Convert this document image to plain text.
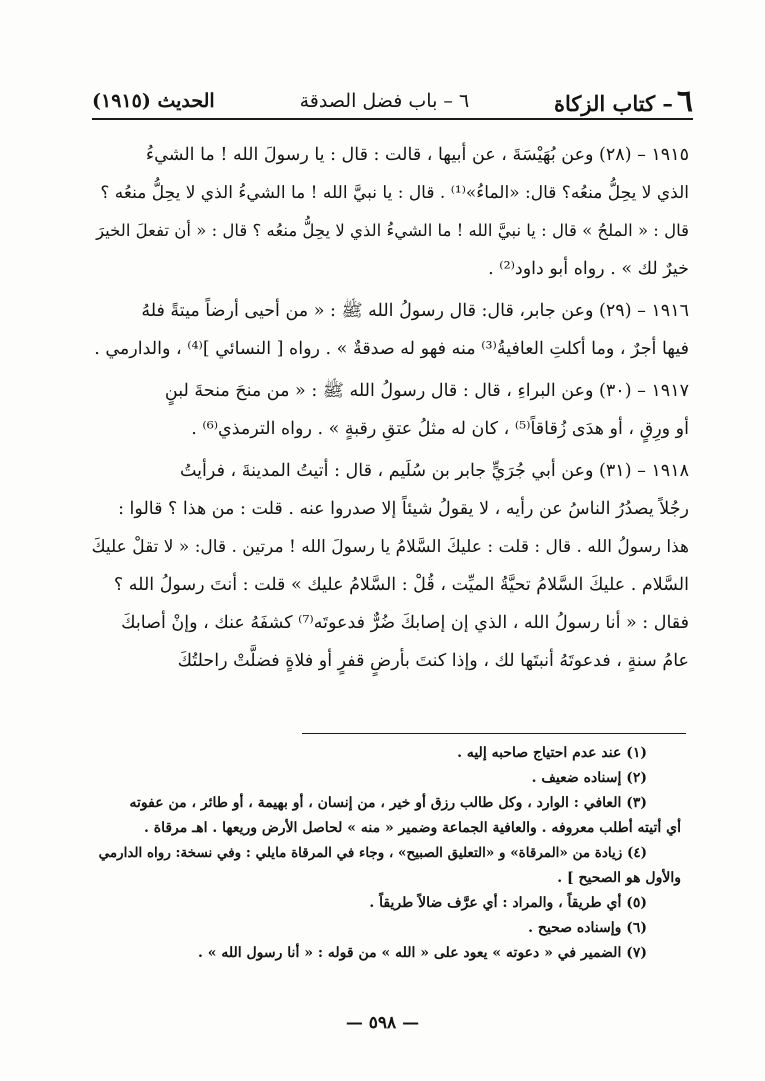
٦– كتاب الزكاة
٦ – باب فضل الصدقة
الحديث (١٩١٥)
١٩١٥ – (٢٨) وعن بُهَيْسَةَ ، عن أبيها ، قالت : قال : يا رسولَ الله ! ما الشيءُ
الذي لا يحِلُّ منعُه؟ قال: «الماءُ»⁽¹⁾ . قال : يا نبيَّ الله ! ما الشيءُ الذي لا يحِلُّ منعُه ؟
قال : « الملحُ » قال : يا نبيَّ الله ! ما الشيءُ الذي لا يحِلُّ منعُه ؟ قال : « أن تفعلَ الخيرَ
خيرٌ لك » . رواه أبو داود⁽²⁾ .
١٩١٦ – (٢٩) وعن جابر، قال: قال رسولُ الله ﷺ : « من أحيى أرضاً ميتةً فلهُ
فيها أجرٌ ، وما أكلتِ العافيةُ⁽³⁾ منه فهو له صدقةٌ » . رواه [ النسائي ]⁽⁴⁾ ، والدارمي .
١٩١٧ – (٣٠) وعن البراءِ ، قال : قال رسولُ الله ﷺ : « من منحَ منحةَ لبنٍ
أو ورِقٍ ، أو هدَى زُقاقاً⁽⁵⁾ ، كان له مثلُ عتقِ رقبةٍ » . رواه الترمذي⁽⁶⁾ .
١٩١٨ – (٣١) وعن أبي جُرَيٍّ جابر بن سُلَيم ، قال : أتيتُ المدينةَ ، فرأيتُ
رجُلاً يصدُرُ الناسُ عن رأيه ، لا يقولُ شيئاً إلا صدروا عنه . قلت : من هذا ؟ قالوا :
هذا رسولُ الله . قال : قلت : عليكَ السَّلامُ يا رسولَ الله ! مرتين . قال: « لا تقلْ عليكَ
السَّلام . عليكَ السَّلامُ تحيَّةُ الميِّت ، قُلْ : السَّلامُ عليك » قلت : أنتَ رسولُ الله ؟
فقال : « أنا رسولُ الله ، الذي إن إصابكَ ضُرٌّ فدعوتَه⁽⁷⁾ كشفَهُ عنك ، وإنْ أصابكَ
عامُ سنةٍ ، فدعوتَهُ أنبتَها لك ، وإذا كنتَ بأرضٍ قفرٍ أو فلاةٍ فضلَّتْ راحلتُكَ
(١) عند عدم احتياج صاحبه إليه .
(٢) إسناده ضعيف .
(٣) العافي : الوارد ، وكل طالب رزق أو خير ، من إنسان ، أو بهيمة ، أو طائر ، من عفوته
أي أتيته أطلب معروفه . والعافية الجماعة وضمير « منه » لحاصل الأرض وريعها . اهـ مرقاة .
(٤) زيادة من «المرقاة» و «التعليق الصبيح» ، وجاء في المرقاة مايلي : وفي نسخة: رواه الدارمي
والأول هو الصحيح ] .
(٥) أي طريقاً ، والمراد : أي عرَّف ضالاً طريقاً .
(٦) وإسناده صحيح .
(٧) الضمير في « دعوته » يعود على « الله » من قوله : « أنا رسول الله » .
— ٥٩٨ —
